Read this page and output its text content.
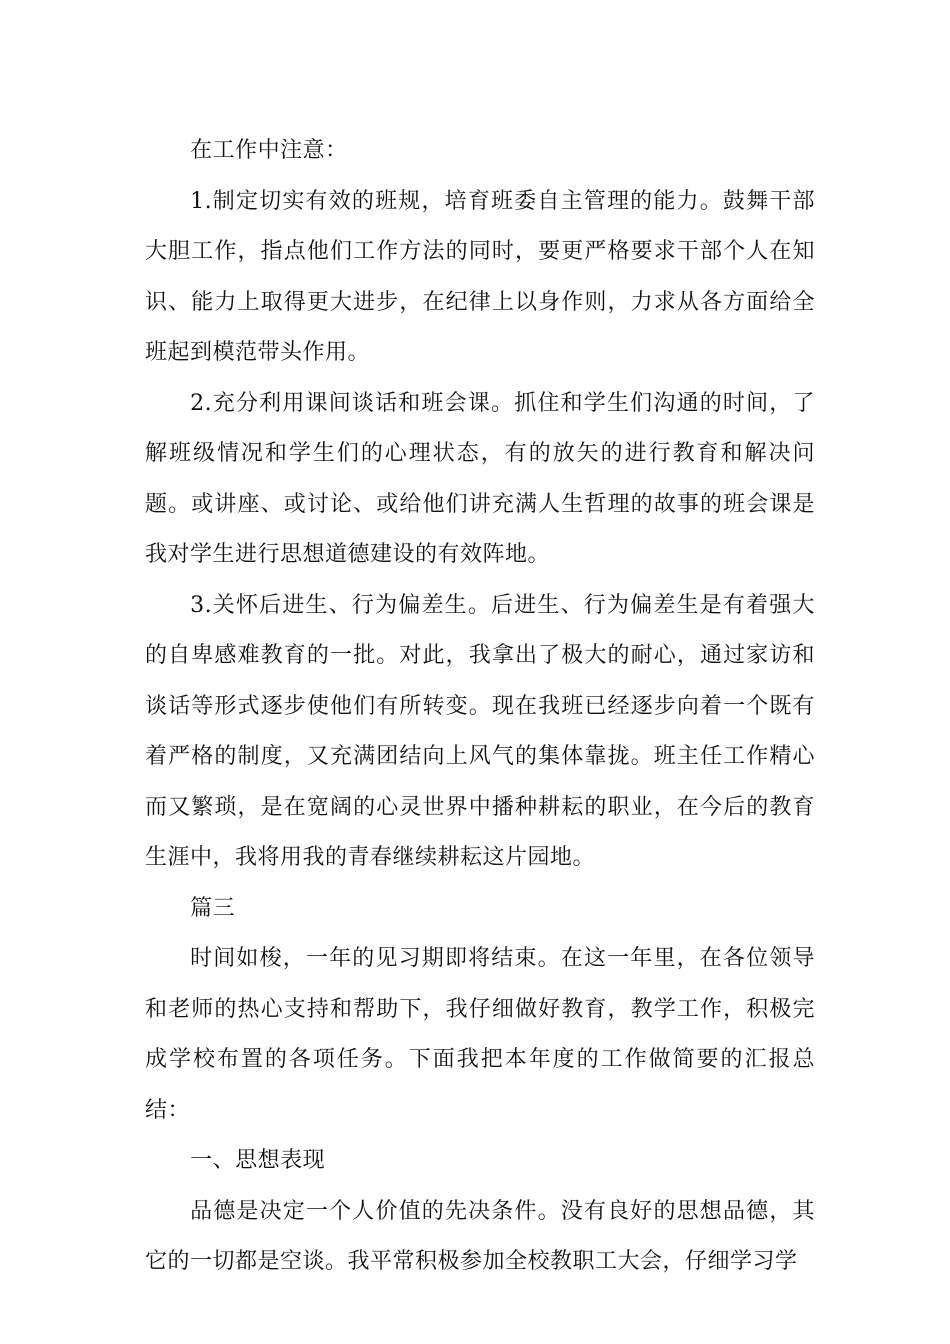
在工作中注意：

1.制定切实有效的班规，培育班委自主管理的能力。鼓舞干部大胆工作，指点他们工作方法的同时，要更严格要求干部个人在知识、能力上取得更大进步，在纪律上以身作则，力求从各方面给全班起到模范带头作用。

2.充分利用课间谈话和班会课。抓住和学生们沟通的时间，了解班级情况和学生们的心理状态，有的放矢的进行教育和解决问题。或讲座、或讨论、或给他们讲充满人生哲理的故事的班会课是我对学生进行思想道德建设的有效阵地。

3.关怀后进生、行为偏差生。后进生、行为偏差生是有着强大的自卑感难教育的一批。对此，我拿出了极大的耐心，通过家访和谈话等形式逐步使他们有所转变。现在我班已经逐步向着一个既有着严格的制度，又充满团结向上风气的集体靠拢。班主任工作精心而又繁琐，是在宽阔的心灵世界中播种耕耘的职业，在今后的教育生涯中，我将用我的青春继续耕耘这片园地。

篇三

时间如梭，一年的见习期即将结束。在这一年里，在各位领导和老师的热心支持和帮助下，我仔细做好教育，教学工作，积极完成学校布置的各项任务。下面我把本年度的工作做简要的汇报总结：

一、思想表现

品德是决定一个人价值的先决条件。没有良好的思想品德，其它的一切都是空谈。我平常积极参加全校教职工大会，仔细学习学
